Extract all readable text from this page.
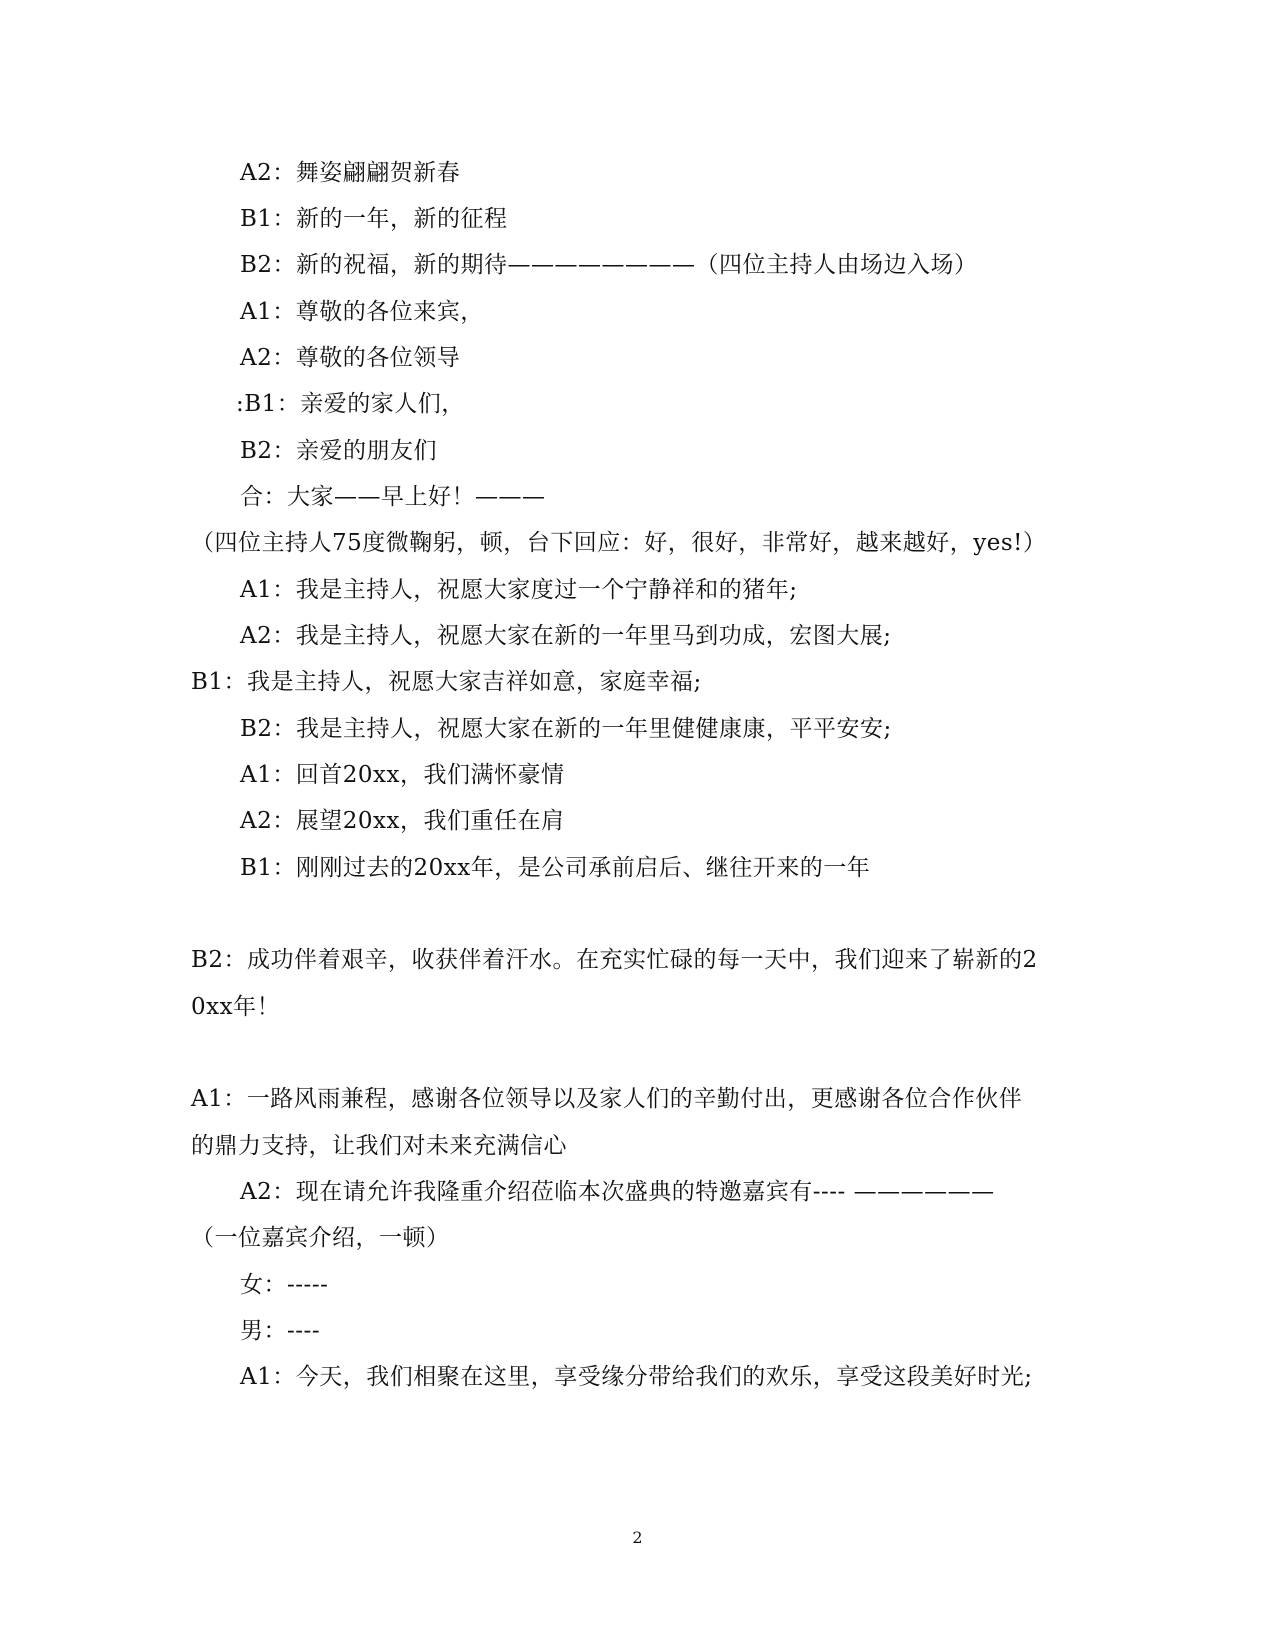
A2：舞姿翩翩贺新春
B1：新的一年，新的征程
B2：新的祝福，新的期待————————（四位主持人由场边入场）
A1：尊敬的各位来宾，
A2：尊敬的各位领导
:B1：亲爱的家人们，
B2：亲爱的朋友们
合：大家——早上好！———
（四位主持人75度微鞠躬，顿，台下回应：好，很好，非常好，越来越好，yes!）
A1：我是主持人，祝愿大家度过一个宁静祥和的猪年;
A2：我是主持人，祝愿大家在新的一年里马到功成，宏图大展;
B1：我是主持人，祝愿大家吉祥如意，家庭幸福;
B2：我是主持人，祝愿大家在新的一年里健健康康，平平安安;
A1：回首20xx，我们满怀豪情
A2：展望20xx，我们重任在肩
B1：刚刚过去的20xx年，是公司承前启后、继往开来的一年
B2：成功伴着艰辛，收获伴着汗水。在充实忙碌的每一天中，我们迎来了崭新的2
0xx年！
A1：一路风雨兼程，感谢各位领导以及家人们的辛勤付出，更感谢各位合作伙伴
的鼎力支持，让我们对未来充满信心
A2：现在请允许我隆重介绍莅临本次盛典的特邀嘉宾有---- ——————
（一位嘉宾介绍，一顿）
女：-----
男：----
A1：今天，我们相聚在这里，享受缘分带给我们的欢乐，享受这段美好时光;
2
